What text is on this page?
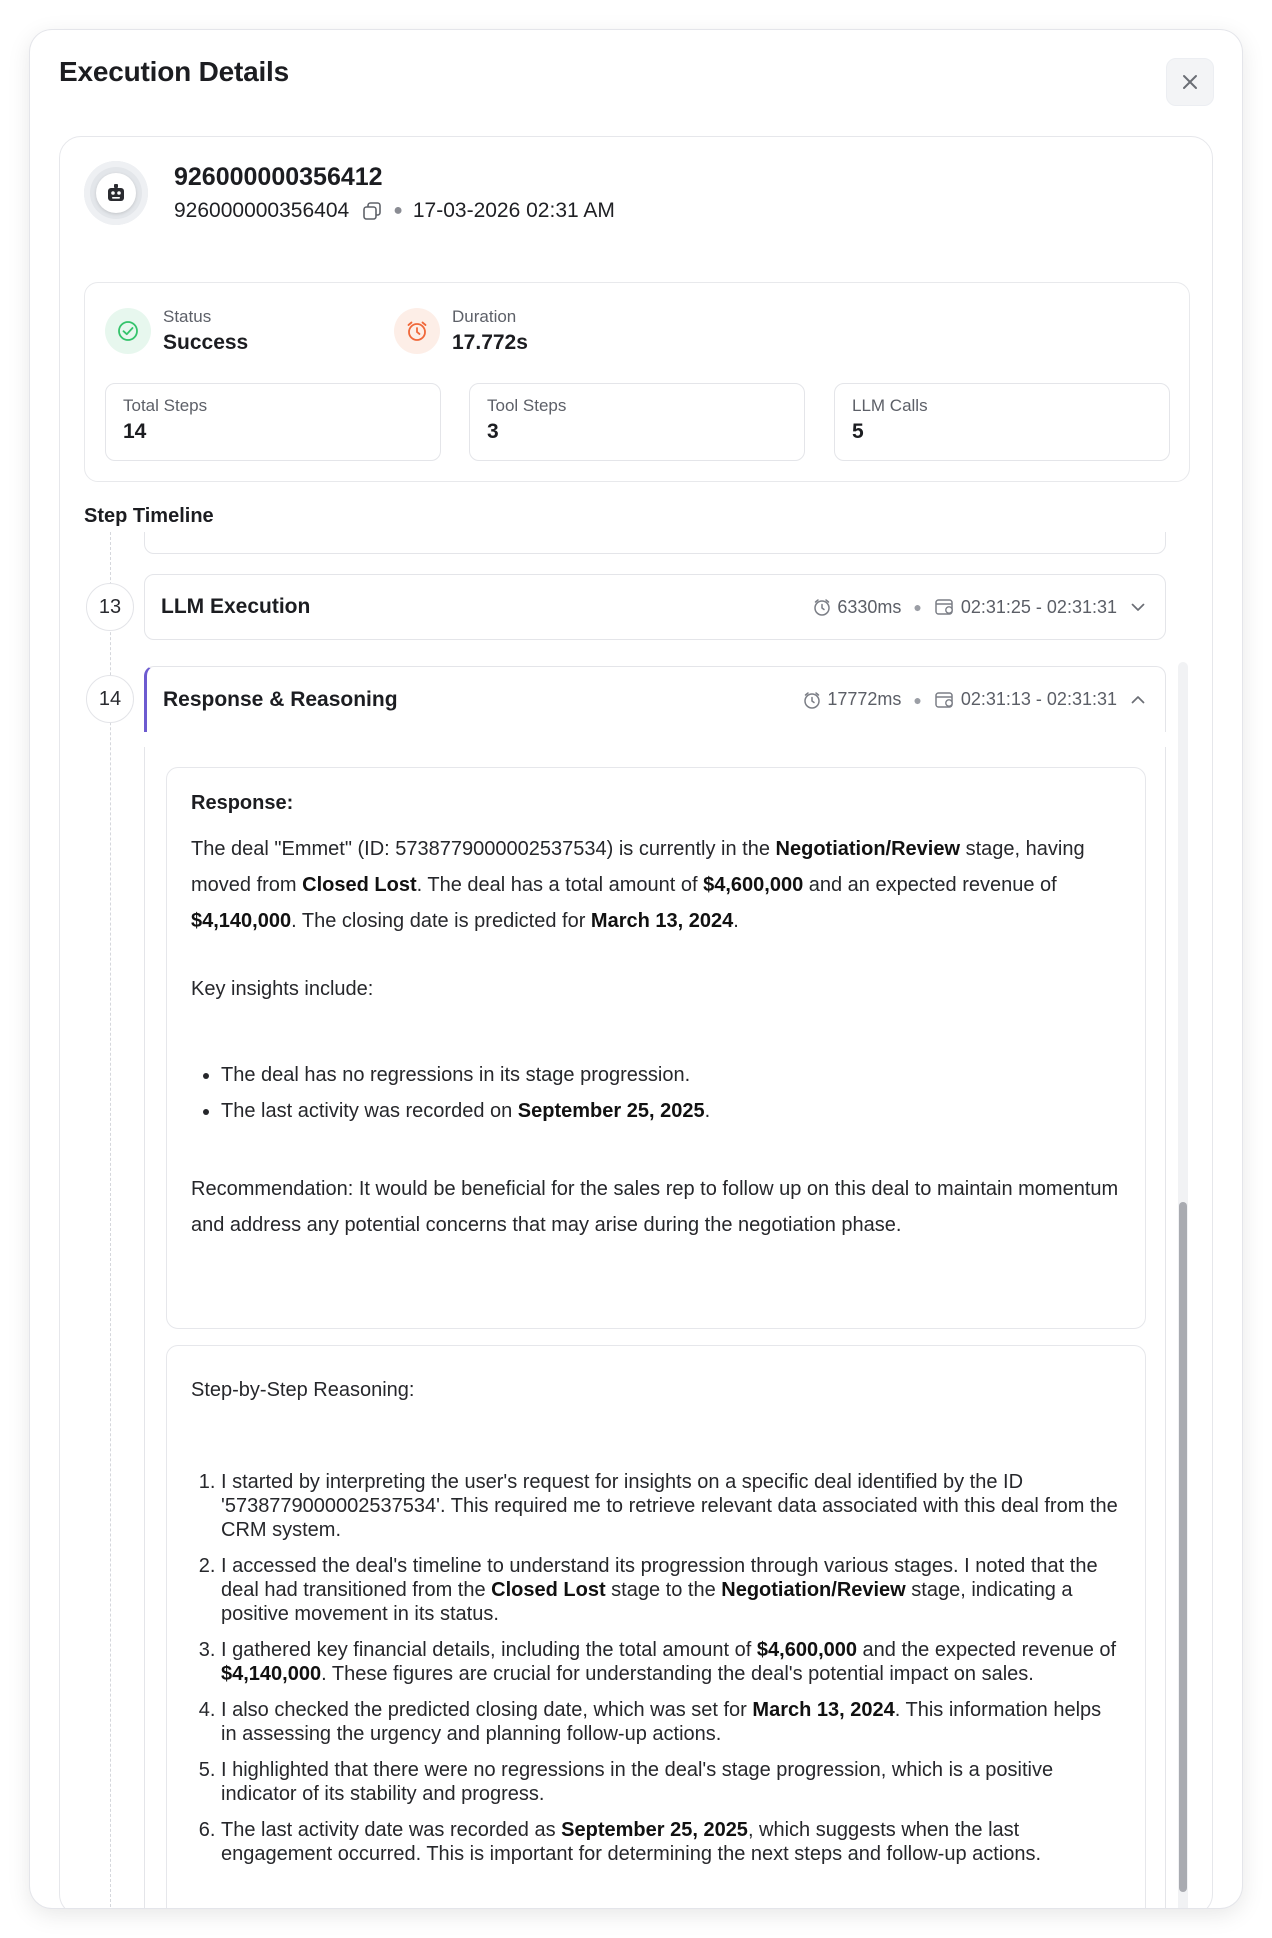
Execution Details
926000000356412
926000000356404	● 17-03-2026 02:31 AM
Status
Success
Duration
17.772s
Total Steps
14
Tool Steps
3
LLM Calls
5
Step Timeline
13	LLM Execution	6330ms ● 02:31:25 - 02:31:31
14	Response & Reasoning	17772ms ● 02:31:13 - 02:31:31
Response:

The deal "Emmet" (ID: 5738779000002537534) is currently in the Negotiation/Review stage, having moved from Closed Lost. The deal has a total amount of $4,600,000 and an expected revenue of $4,140,000. The closing date is predicted for March 13, 2024.

Key insights include:

• The deal has no regressions in its stage progression.
• The last activity was recorded on September 25, 2025.

Recommendation: It would be beneficial for the sales rep to follow up on this deal to maintain momentum and address any potential concerns that may arise during the negotiation phase.

Step-by-Step Reasoning:

1. I started by interpreting the user's request for insights on a specific deal identified by the ID '5738779000002537534'. This required me to retrieve relevant data associated with this deal from the CRM system.
2. I accessed the deal's timeline to understand its progression through various stages. I noted that the deal had transitioned from the Closed Lost stage to the Negotiation/Review stage, indicating a positive movement in its status.
3. I gathered key financial details, including the total amount of $4,600,000 and the expected revenue of $4,140,000. These figures are crucial for understanding the deal's potential impact on sales.
4. I also checked the predicted closing date, which was set for March 13, 2024. This information helps in assessing the urgency and planning follow-up actions.
5. I highlighted that there were no regressions in the deal's stage progression, which is a positive indicator of its stability and progress.
6. The last activity date was recorded as September 25, 2025, which suggests when the last engagement occurred. This is important for determining the next steps and follow-up actions.
